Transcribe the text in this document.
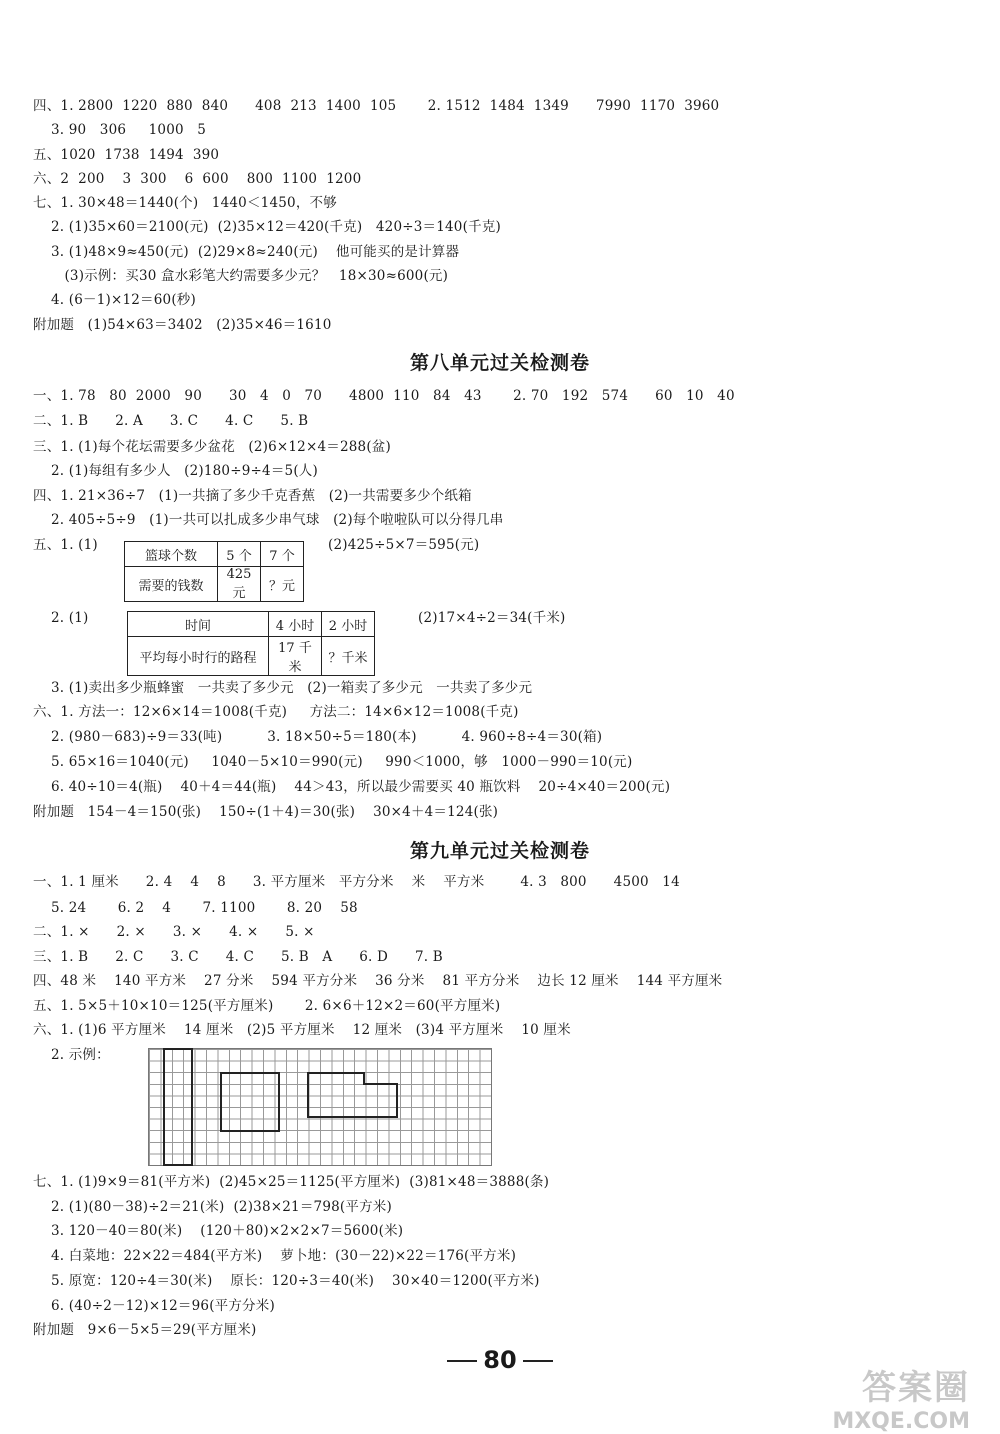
四、1. 2800  1220  880  840      408  213  1400  105       2. 1512  1484  1349      7990  1170  3960
3. 90   306     1000   5
五、1020  1738  1494  390
六、2  200    3  300    6  600    800  1100  1200
七、1. 30×48＝1440(个)   1440＜1450，不够
2. (1)35×60＝2100(元)  (2)35×12＝420(千克)   420÷3＝140(千克)
3. (1)48×9≈450(元)  (2)29×8≈240(元)    他可能买的是计算器
(3)示例：买30 盒水彩笔大约需要多少元？   18×30≈600(元)
4. (6－1)×12＝60(秒)
附加题   (1)54×63＝3402   (2)35×46＝1610
第八单元过关检测卷
一、1. 78   80  2000   90      30   4   0   70      4800  110   84   43       2. 70   192   574      60   10   40
二、1. B      2. A      3. C      4. C      5. B
三、1. (1)每个花坛需要多少盆花   (2)6×12×4＝288(盆)
2. (1)每组有多少人   (2)180÷9÷4＝5(人)
四、1. 21×36÷7   (1)一共摘了多少千克香蕉   (2)一共需要多少个纸箱
2. 405÷5÷9   (1)一共可以扎成多少串气球   (2)每个啦啦队可以分得几串
五、1. (1)
篮球个数	5 个	7 个
需要的钱数	425 元	？元
(2)425÷5×7＝595(元)
2. (1)	时间	4 小时	2 小时
平均每小时行的路程	17 千米	？千米
(2)17×4÷2＝34(千米)
3. (1)卖出多少瓶蜂蜜   一共卖了多少元   (2)一箱卖了多少元   一共卖了多少元
六、1. 方法一：12×6×14＝1008(千克)     方法二：14×6×12＝1008(千克)
2. (980－683)÷9＝33(吨)          3. 18×50÷5＝180(本)          4. 960÷8÷4＝30(箱)
5. 65×16＝1040(元)     1040－5×10＝990(元)     990＜1000，够   1000－990＝10(元)
6. 40÷10＝4(瓶)    40＋4＝44(瓶)    44＞43，所以最少需要买 40 瓶饮料    20÷4×40＝200(元)
附加题   154－4＝150(张)    150÷(1＋4)＝30(张)    30×4＋4＝124(张)
第九单元过关检测卷
一、1. 1 厘米      2. 4    4    8      3. 平方厘米   平方分米    米    平方米        4. 3   800      4500   14
5. 24       6. 2    4       7. 1100       8. 20    58
二、1. ×      2. ×      3. ×      4. ×      5. ×
三、1. B      2. C      3. C      4. C      5. B   A      6. D      7. B
四、48 米    140 平方米    27 分米    594 平方分米    36 分米    81 平方分米    边长 12 厘米    144 平方厘米
五、1. 5×5＋10×10＝125(平方厘米)       2. 6×6＋12×2＝60(平方厘米)
六、1. (1)6 平方厘米    14 厘米   (2)5 平方厘米    12 厘米   (3)4 平方厘米    10 厘米
2. 示例：
七、1. (1)9×9＝81(平方米)  (2)45×25＝1125(平方厘米)  (3)81×48＝3888(条)
2. (1)(80－38)÷2＝21(米)  (2)38×21＝798(平方米)
3. 120－40＝80(米)    (120＋80)×2×2×7＝5600(米)
4. 白菜地：22×22＝484(平方米)    萝卜地：(30－22)×22＝176(平方米)
5. 原宽：120÷4＝30(米)    原长：120÷3＝40(米)    30×40＝1200(平方米)
6. (40÷2－12)×12＝96(平方分米)
附加题   9×6－5×5＝29(平方厘米)
80
答案圈
MXQE.COM
